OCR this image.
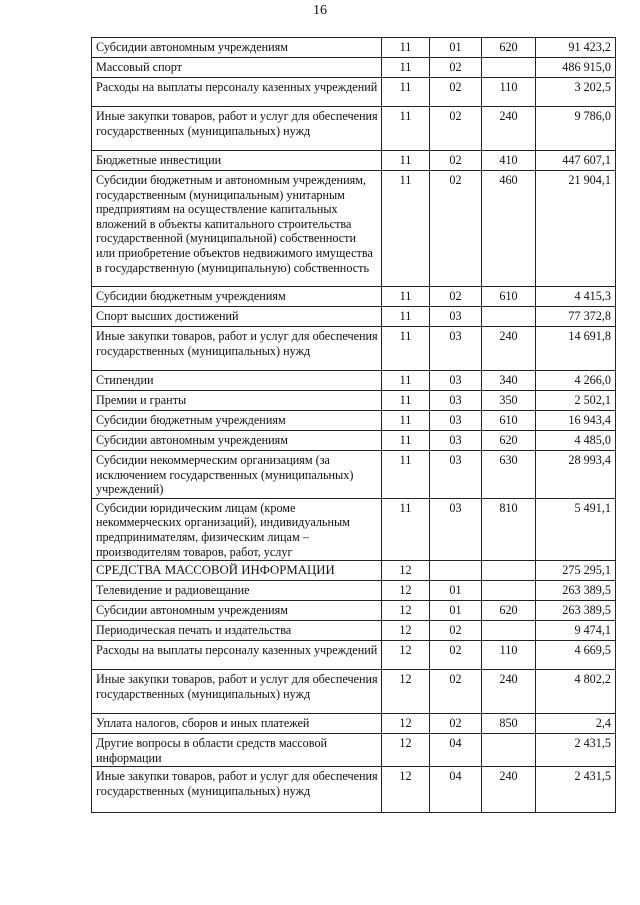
16
Субсидии автономным учреждениям	11	01	620	91 423,2
Массовый спорт	11	02		486 915,0
Расходы на выплаты персоналу казенных учреждений	11	02	110	3 202,5
Иные закупки товаров, работ и услуг для обеспечения государственных (муниципальных) нужд	11	02	240	9 786,0
Бюджетные инвестиции	11	02	410	447 607,1
Субсидии бюджетным и автономным учреждениям, государственным (муниципальным) унитарным предприятиям на осуществление капитальных вложений в объекты капитального строительства государственной (муниципальной) собственности или приобретение объектов недвижимого имущества в государственную (муниципальную) собственность	11	02	460	21 904,1
Субсидии бюджетным учреждениям	11	02	610	4 415,3
Спорт высших достижений	11	03		77 372,8
Иные закупки товаров, работ и услуг для обеспечения государственных (муниципальных) нужд	11	03	240	14 691,8
Стипендии	11	03	340	4 266,0
Премии и гранты	11	03	350	2 502,1
Субсидии бюджетным учреждениям	11	03	610	16 943,4
Субсидии автономным учреждениям	11	03	620	4 485,0
Субсидии некоммерческим организациям (за исключением государственных (муниципальных) учреждений)	11	03	630	28 993,4
Субсидии юридическим лицам (кроме некоммерческих организаций), индивидуальным предпринимателям, физическим лицам – производителям товаров, работ, услуг	11	03	810	5 491,1
СРЕДСТВА МАССОВОЙ ИНФОРМАЦИИ	12			275 295,1
Телевидение и радиовещание	12	01		263 389,5
Субсидии автономным учреждениям	12	01	620	263 389,5
Периодическая печать и издательства	12	02		9 474,1
Расходы на выплаты персоналу казенных учреждений	12	02	110	4 669,5
Иные закупки товаров, работ и услуг для обеспечения государственных (муниципальных) нужд	12	02	240	4 802,2
Уплата налогов, сборов и иных платежей	12	02	850	2,4
Другие вопросы в области средств массовой информации	12	04		2 431,5
Иные закупки товаров, работ и услуг для обеспечения государственных (муниципальных) нужд	12	04	240	2 431,5
